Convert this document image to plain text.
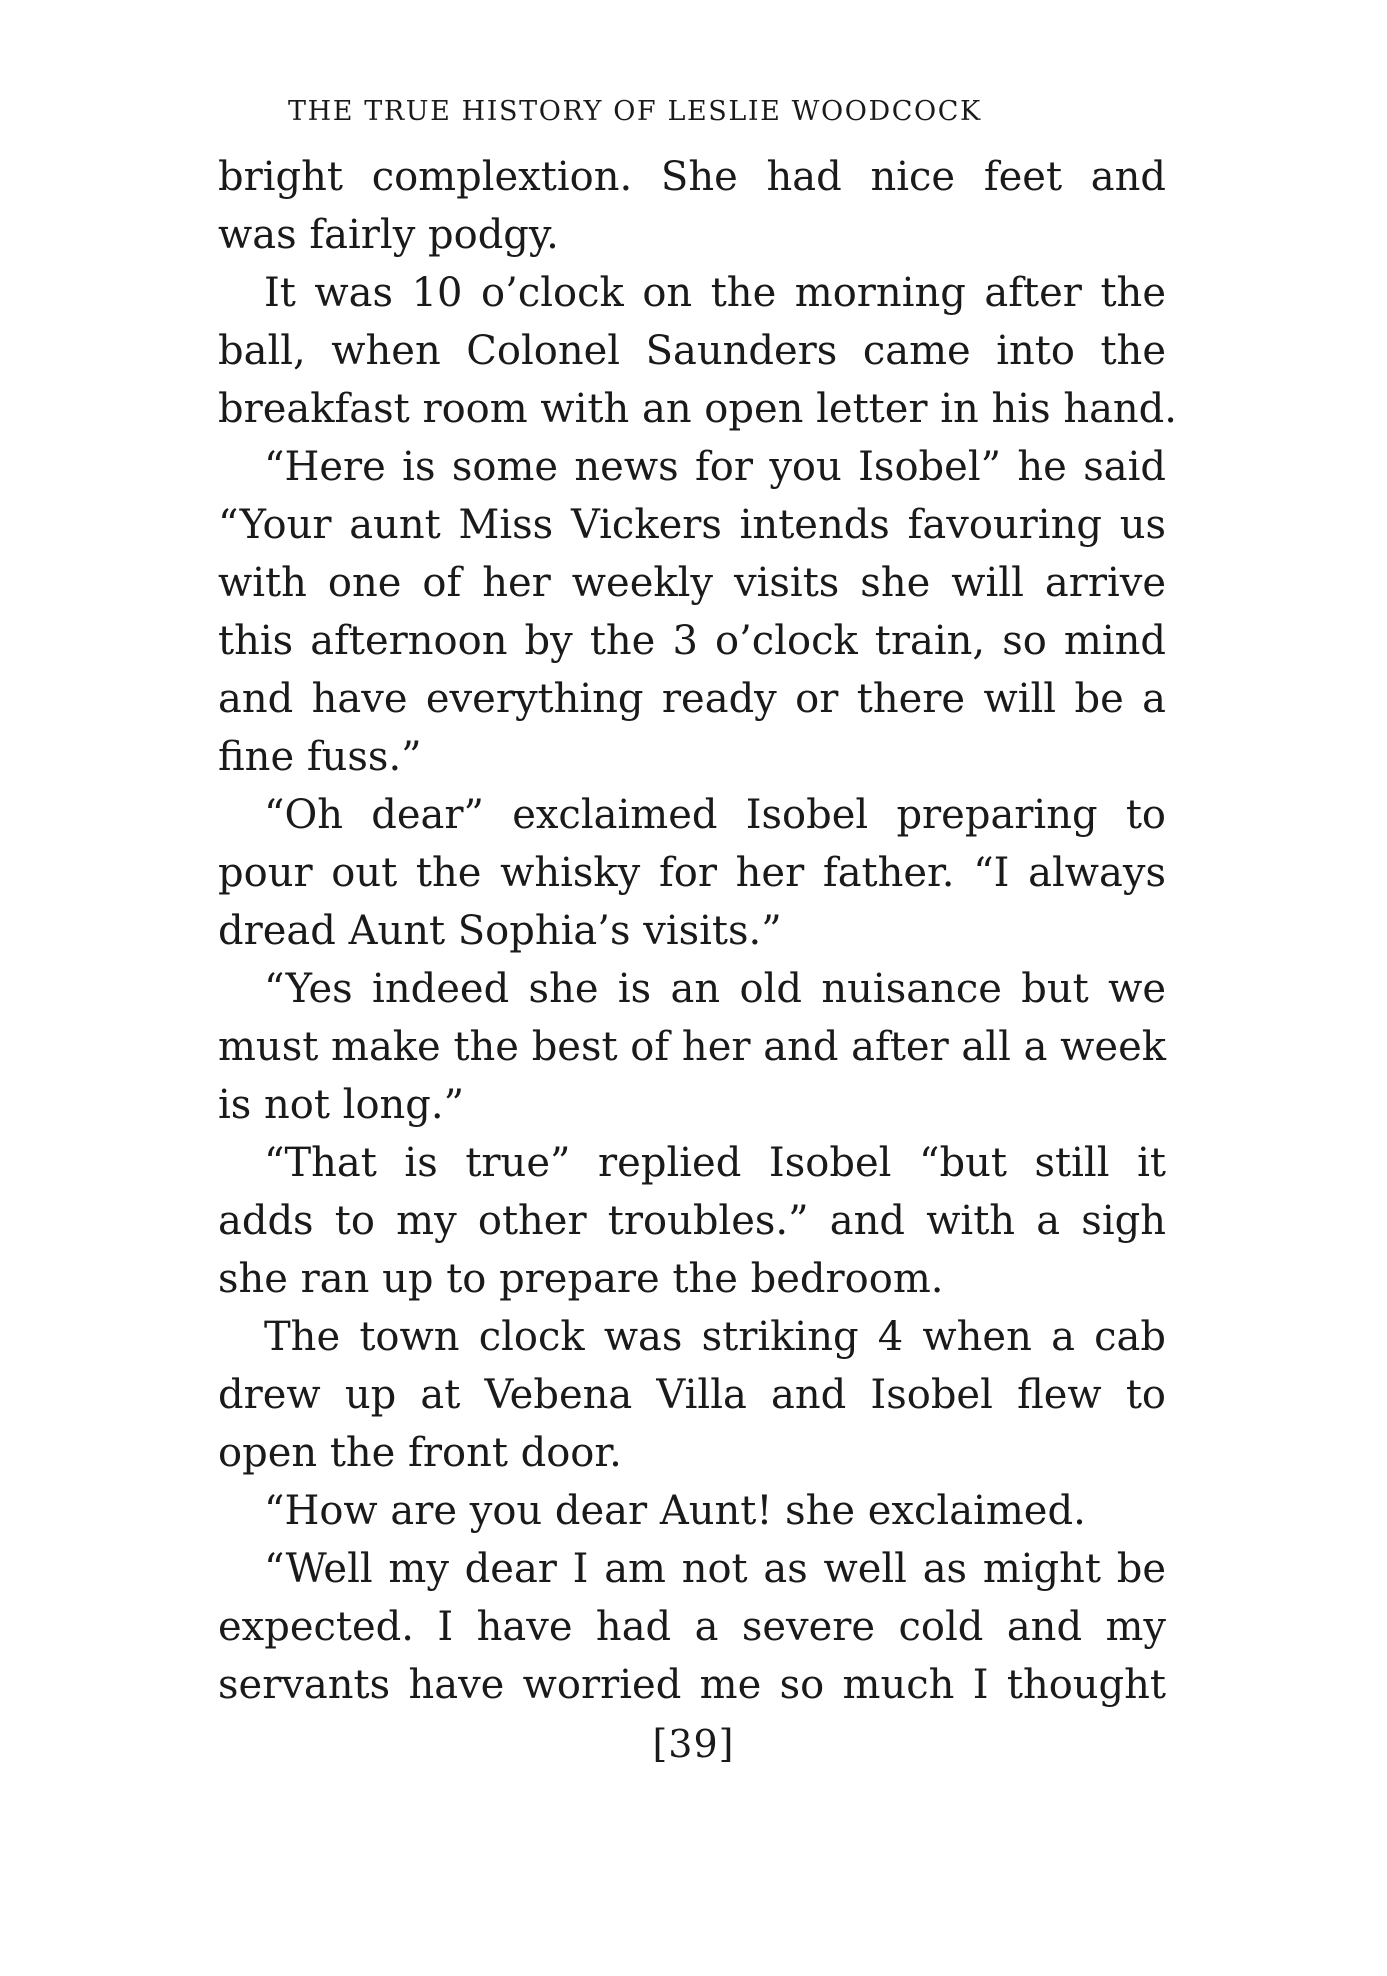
THE TRUE HISTORY OF LESLIE WOODCOCK
bright complextion. She had nice feet and
was fairly podgy.
It was 10 o’clock on the morning after the
ball, when Colonel Saunders came into the
breakfast room with an open letter in his hand.
“Here is some news for you Isobel” he said
“Your aunt Miss Vickers intends favouring us
with one of her weekly visits she will arrive
this afternoon by the 3 o’clock train, so mind
and have everything ready or there will be a
fine fuss.”
“Oh dear” exclaimed Isobel preparing to
pour out the whisky for her father. “I always
dread Aunt Sophia’s visits.”
“Yes indeed she is an old nuisance but we
must make the best of her and after all a week
is not long.”
“That is true” replied Isobel “but still it
adds to my other troubles.” and with a sigh
she ran up to prepare the bedroom.
The town clock was striking 4 when a cab
drew up at Vebena Villa and Isobel flew to
open the front door.
“How are you dear Aunt! she exclaimed.
“Well my dear I am not as well as might be
expected. I have had a severe cold and my
servants have worried me so much I thought
[39]
